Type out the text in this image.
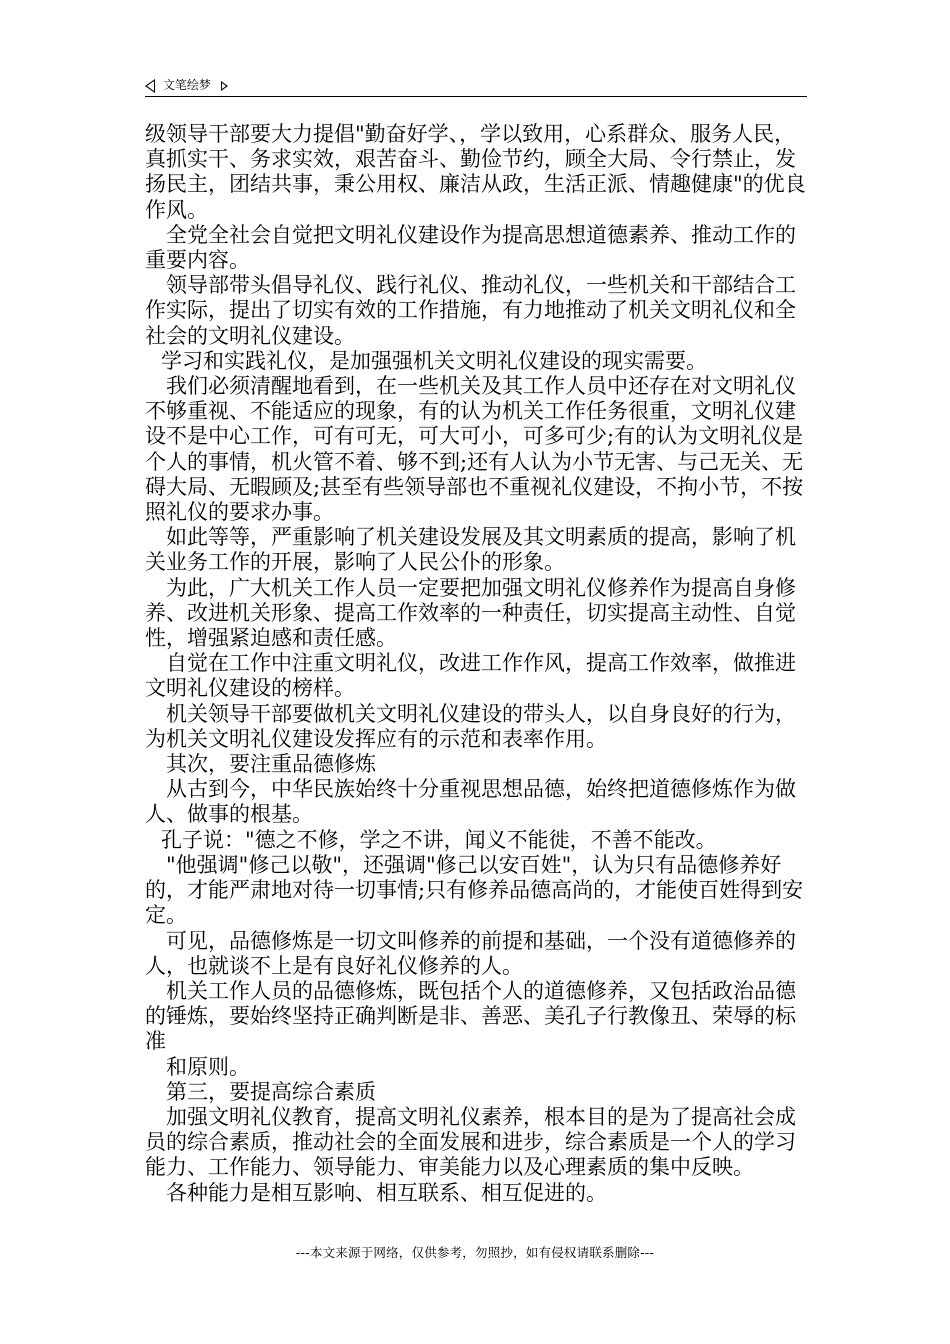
文笔绘梦

级领导干部要大力提倡"勤奋好学、，学以致用，心系群众、服务人民，真抓实干、务求实效，艰苦奋斗、勤俭节约，顾全大局、令行禁止，发扬民主，团结共事，秉公用权、廉洁从政，生活正派、情趣健康"的优良作风。

全党全社会自觉把文明礼仪建设作为提高思想道德素养、推动工作的重要内容。

领导部带头倡导礼仪、践行礼仪、推动礼仪，一些机关和干部结合工作实际，提出了切实有效的工作措施，有力地推动了机关文明礼仪和全社会的文明礼仪建设。

学习和实践礼仪，是加强强机关文明礼仪建设的现实需要。

我们必须清醒地看到，在一些机关及其工作人员中还存在对文明礼仪不够重视、不能适应的现象，有的认为机关工作任务很重，文明礼仪建设不是中心工作，可有可无，可大可小，可多可少;有的认为文明礼仪是个人的事情，机火管不着、够不到;还有人认为小节无害、与己无关、无碍大局、无暇顾及;甚至有些领导部也不重视礼仪建设，不拘小节，不按照礼仪的要求办事。

如此等等，严重影响了机关建设发展及其文明素质的提高，影响了机关业务工作的开展，影响了人民公仆的形象。

为此，广大机关工作人员一定要把加强文明礼仪修养作为提高自身修养、改进机关形象、提高工作效率的一种责任，切实提高主动性、自觉性，增强紧迫感和责任感。

自觉在工作中注重文明礼仪，改进工作作风，提高工作效率，做推进文明礼仪建设的榜样。

机关领导干部要做机关文明礼仪建设的带头人，以自身良好的行为，为机关文明礼仪建设发挥应有的示范和表率作用。

其次，要注重品德修炼

从古到今，中华民族始终十分重视思想品德，始终把道德修炼作为做人、做事的根基。

孔子说："德之不修，学之不讲，闻义不能徙，不善不能改。

"他强调"修己以敬"，还强调"修己以安百姓"，认为只有品德修养好的，才能严肃地对待一切事情;只有修养品德高尚的，才能使百姓得到安定。

可见，品德修炼是一切文叫修养的前提和基础，一个没有道德修养的人，也就谈不上是有良好礼仪修养的人。

机关工作人员的品德修炼，既包括个人的道德修养，又包括政治品德的锤炼，要始终坚持正确判断是非、善恶、美孔子行教像丑、荣辱的标准

和原则。

第三，要提高综合素质

加强文明礼仪教育，提高文明礼仪素养，根本目的是为了提高社会成员的综合素质，推动社会的全面发展和进步，综合素质是一个人的学习能力、工作能力、领导能力、审美能力以及心理素质的集中反映。

各种能力是相互影响、相互联系、相互促进的。

---本文来源于网络，仅供参考，勿照抄，如有侵权请联系删除---
